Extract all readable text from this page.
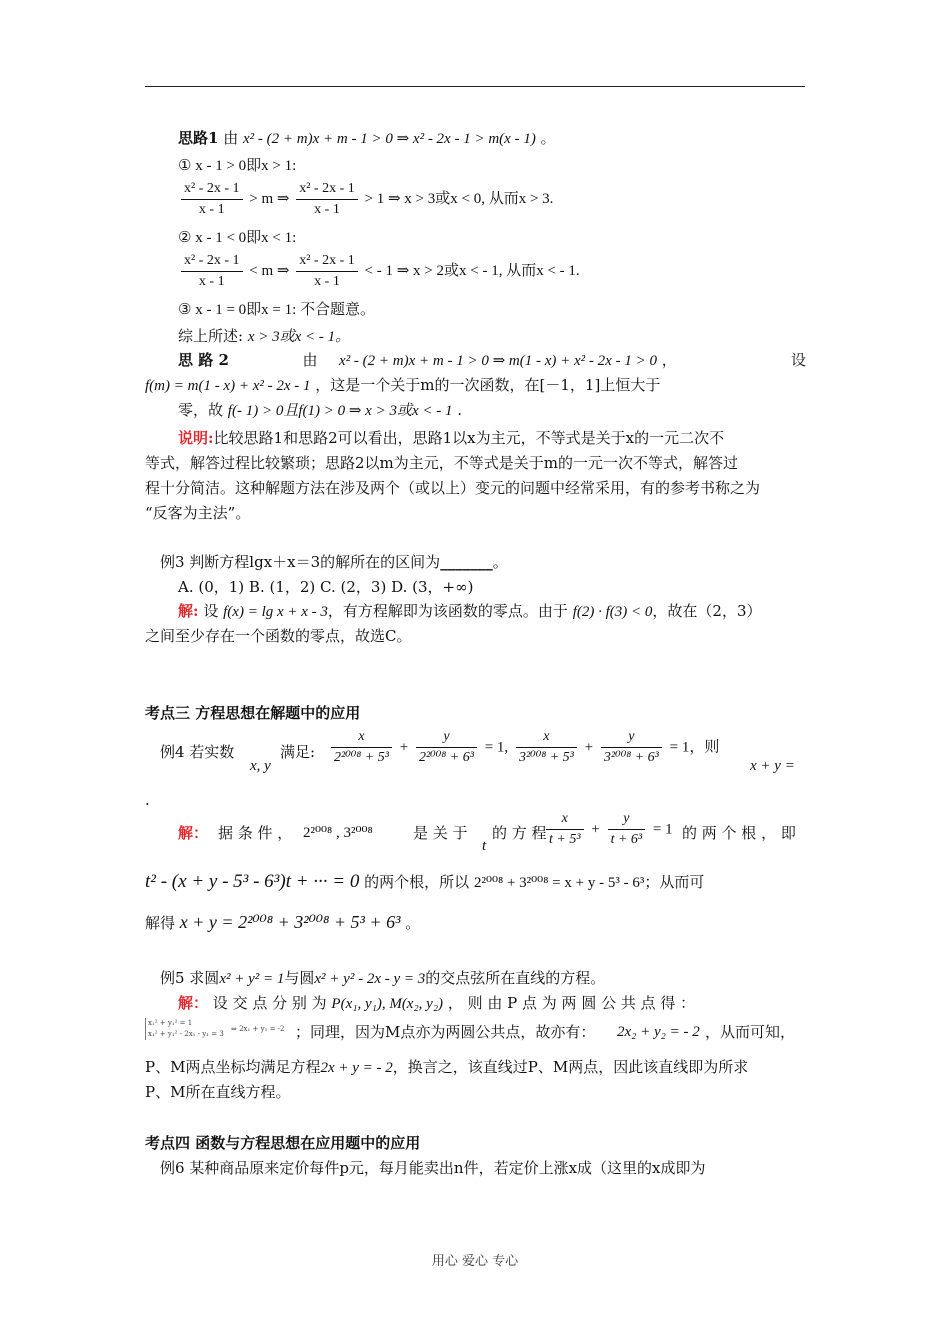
思路1 由 x² - (2 + m)x + m - 1 > 0 ⇒ x² - 2x - 1 > m(x - 1) 。
① x - 1 > 0即x > 1:
$\frac{\text{x² - 2x - 1}}{x - 1} > m$ ⇒ $\frac{\text{x² - 2x - 1}}{x - 1} > 1$ ⇒ x > 3或x < 0, 从而x > 3.
② x - 1 < 0即x < 1:
$\frac{\text{x² - 2x - 1}}{x - 1} < m$ ⇒ $\frac{\text{x² - 2x - 1}}{x - 1}$ < - 1 ⇒ x > 2或x < - 1, 从而x < - 1.
③ x - 1 = 0即x = 1: 不合题意。
综上所述: x > 3或x < - 1。
思 路 2	由 x² - (2 + m)x + m - 1 > 0 ⇒ m(1 - x) + x² - 2x - 1 > 0 ，	设
f(m) = m(1 - x) + x² - 2x - 1 ，这是一个关于m的一次函数，在[－1，1]上恒大于
零，故 f(- 1) > 0且f(1) > 0 ⇒ x > 3或x < - 1 .
说明:比较思路1和思路2可以看出，思路1以x为主元，不等式是关于x的一元二次不
等式，解答过程比较繁琐；思路2以m为主元，不等式是关于m的一元一次不等式，解答过
程十分简洁。这种解题方法在涉及两个（或以上）变元的问题中经常采用，有的参考书称之为
“反客为主法”。
例3 判断方程lgx＋x＝3的解所在的区间为_______。
A. (0，1) B. (1，2) C. (2，3) D. (3，+∞)
解: 设 f(x) = lg x + x - 3，有方程解即为该函数的零点。由于 f(2) · f(3) < 0，故在（2，3）
之间至少存在一个函数的零点，故选C。
考点三 方程思想在解题中的应用
例4 若实数
x, y
满足: $\frac{x}{\text{2²⁰⁰⁸ + 5³}} + \frac{y}{\text{2²⁰⁰⁸ + 6³}} = 1$, $\frac{x}{\text{3²⁰⁰⁸ + 5³}} + \frac{y}{\text{3²⁰⁰⁸ + 6³}} = 1$，则
x + y =
.
解： 据 条 件 ， 2²⁰⁰⁸ , 3²⁰⁰⁸	是 关 于
t
的 方 程 $\frac{x}{\text{t + 5³}} + \frac{y}{\text{t + 6³}} = 1$ 的 两 个 根 ， 即
t² - (x + y - 5³ - 6³)t + ··· = 0 的两个根，所以 2²⁰⁰⁸ + 3²⁰⁰⁸ = x + y - 5³ - 6³；从而可
解得 x + y = 2²⁰⁰⁸ + 3²⁰⁰⁸ + 5³ + 6³ 。
例5 求圆x² + y² = 1与圆x² + y² - 2x - y = 3的交点弦所在直线的方程。
解： 设 交 点 分 别 为 P(x₁, y₁), M(x₂, y₂) ， 则 由 P 点 为 两 圆 公 共 点 得 ：
x₁² + y₁² = 1
x₁² + y₁² - 2x₁ - y₁ = 3
⇒ 2x₁ + y₁ = -2 ；同理，因为M点亦为两圆公共点，故亦有： 2x₂ + y₂ = - 2 ，从而可知，
P、M两点坐标均满足方程2x + y = - 2，换言之，该直线过P、M两点，因此该直线即为所求
P、M所在直线方程。
考点四 函数与方程思想在应用题中的应用
例6 某种商品原来定价每件p元，每月能卖出n件，若定价上涨x成（这里的x成即为
用心 爱心 专心
